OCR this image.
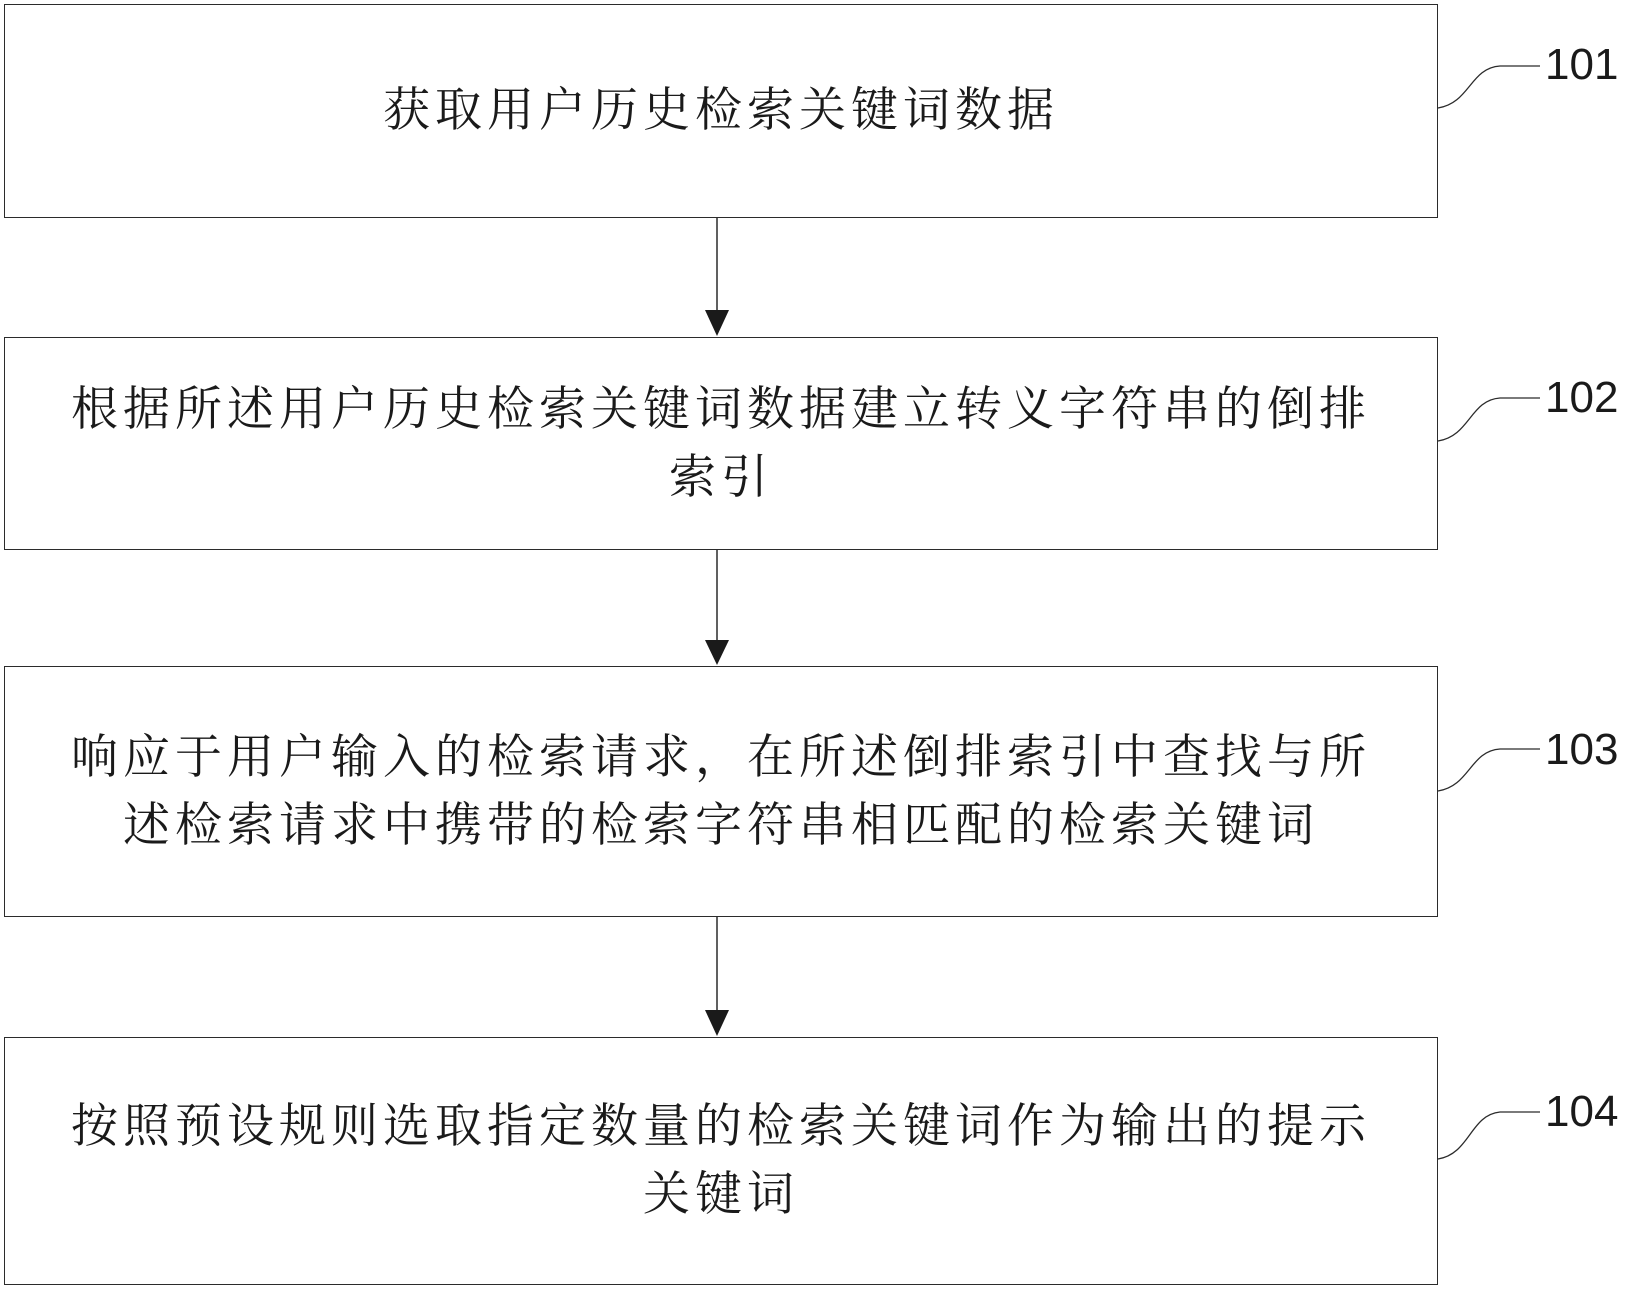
获取用户历史检索关键词数据
101
根据所述用户历史检索关键词数据建立转义字符串的倒排索引
102
响应于用户输入的检索请求，在所述倒排索引中查找与所述检索请求中携带的检索字符串相匹配的检索关键词
103
按照预设规则选取指定数量的检索关键词作为输出的提示关键词
104
